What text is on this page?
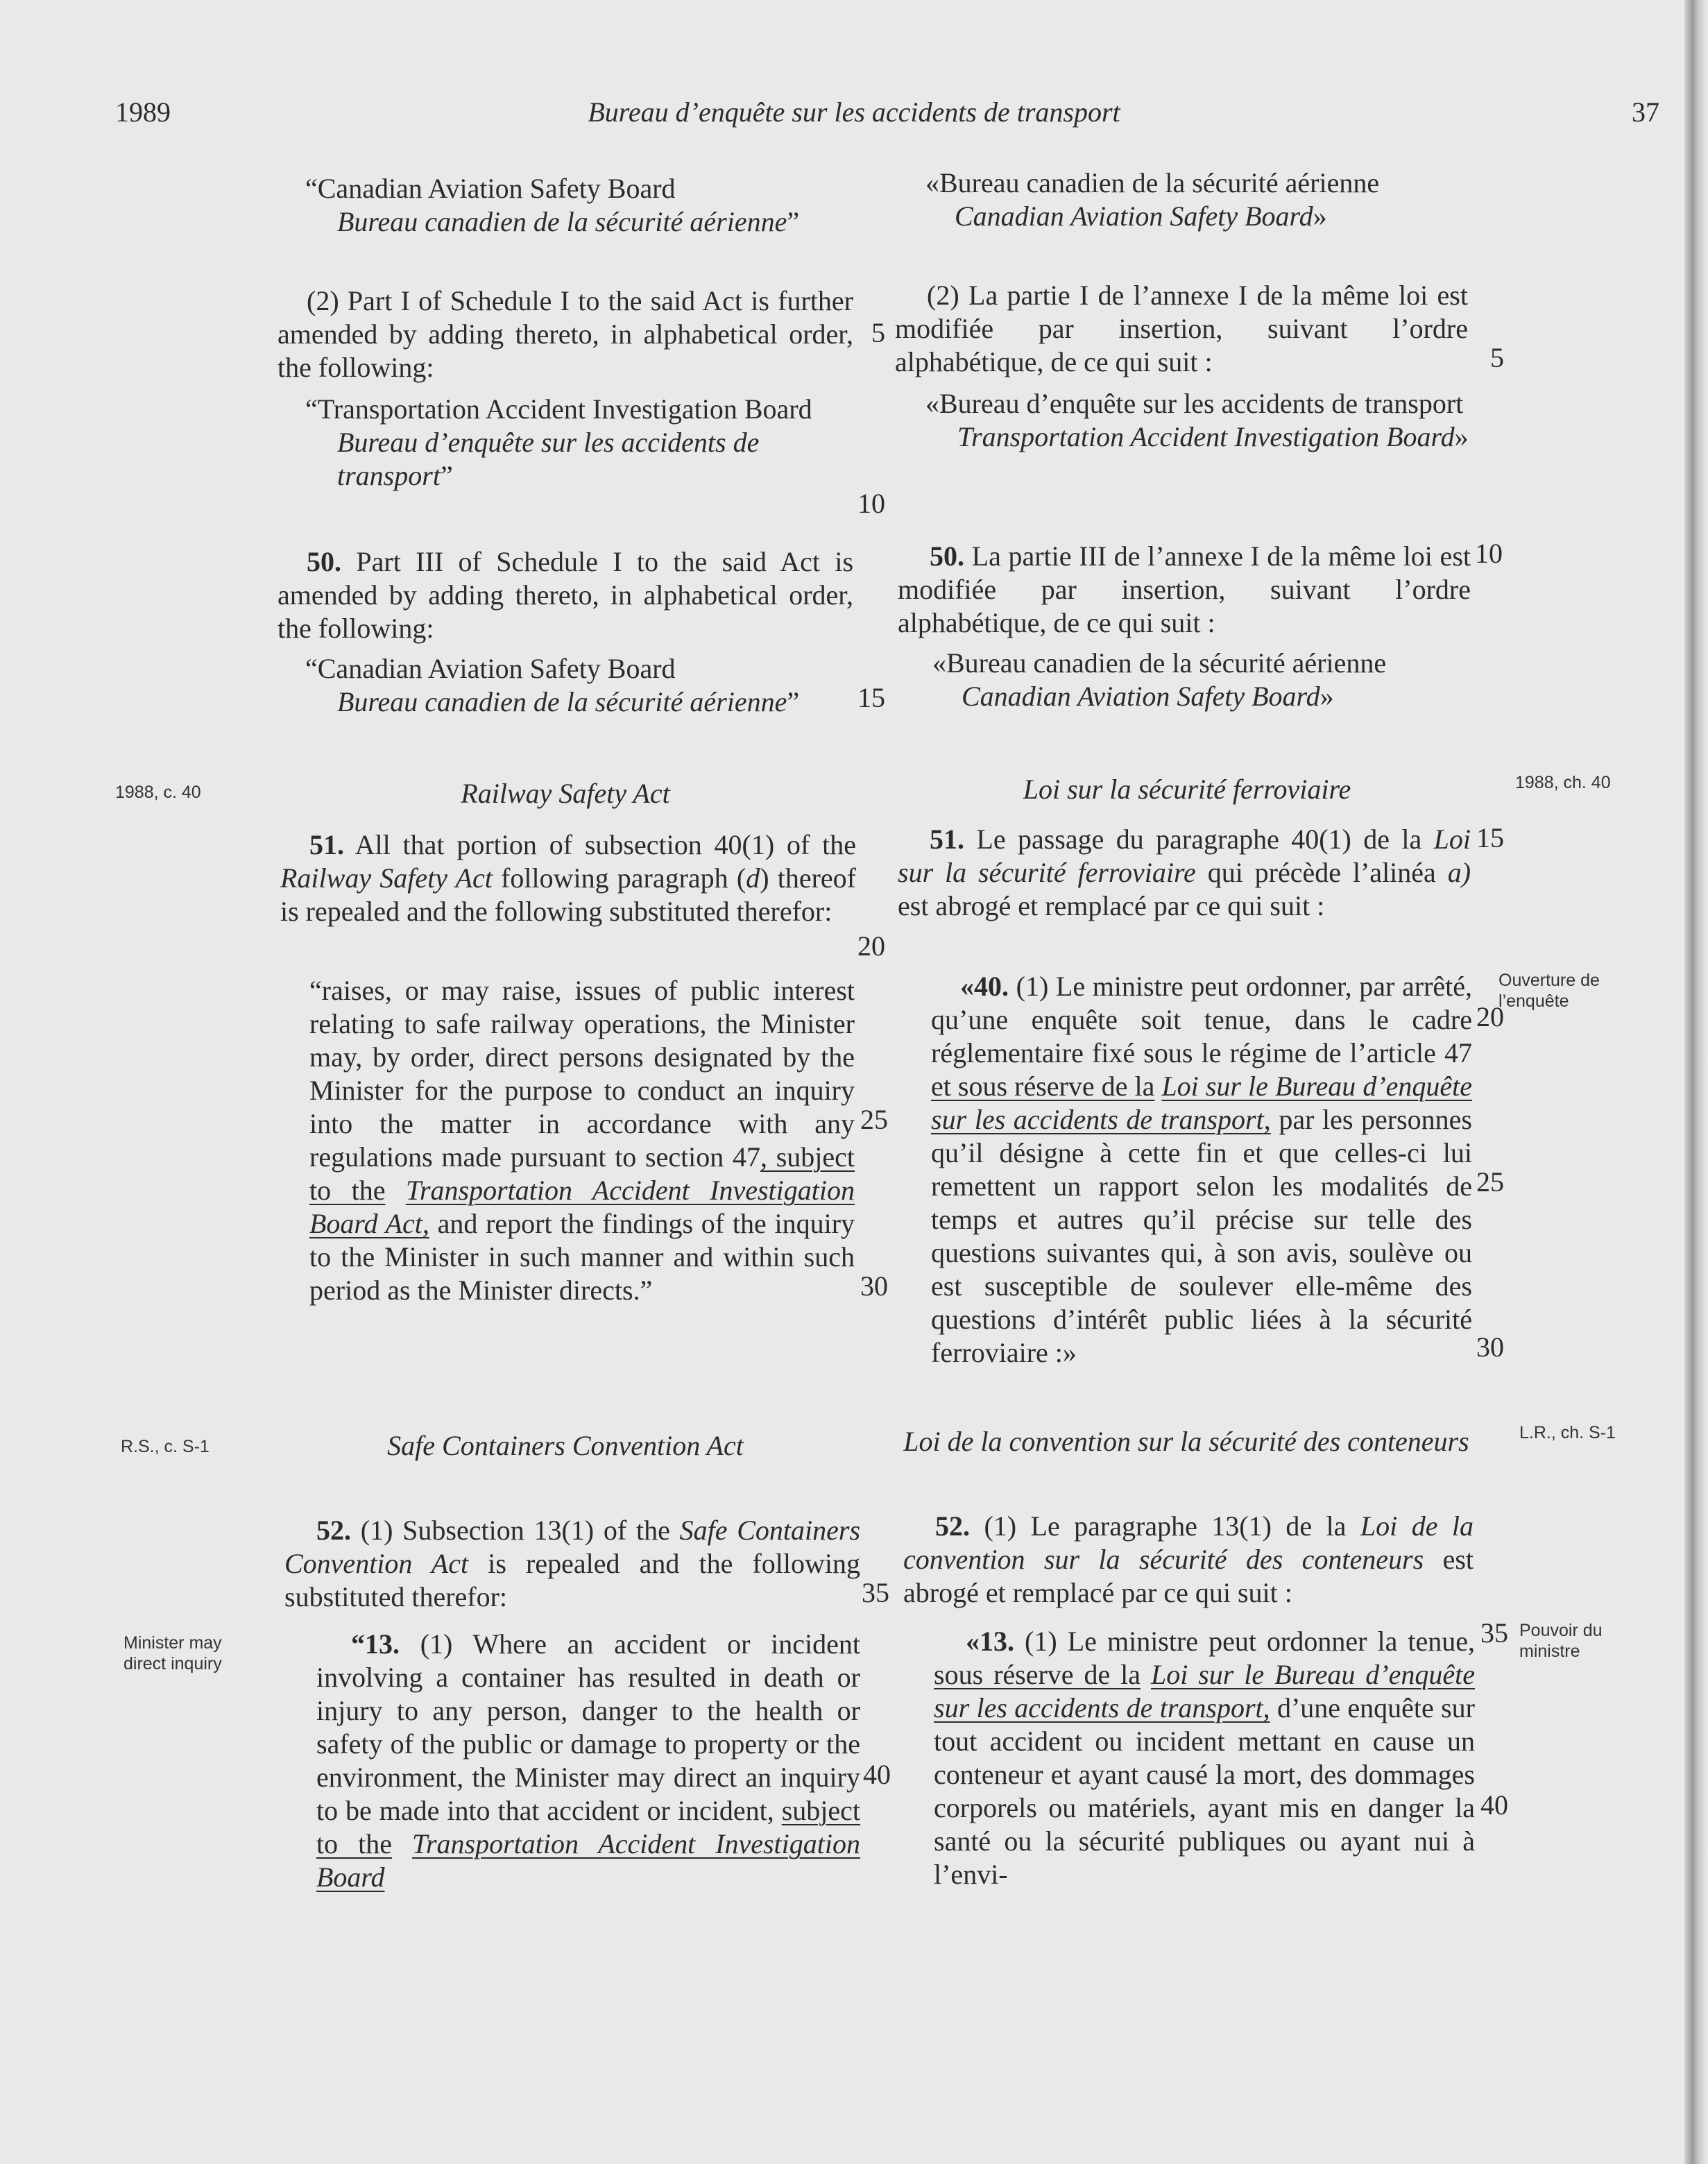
1989	Bureau d’enquête sur les accidents de transport	37
1988, c. 40
R.S., c. S-1
Minister may direct inquiry
1988, ch. 40
Ouverture de l’enquête
L.R., ch. S-1
Pouvoir du ministre
5
5
10
10
15
15
20
20
25
25
30
30
35
35
40
40
“Canadian Aviation Safety Board

Bureau canadien de la sécurité aérienne”

(2) Part I of Schedule I to the said Act is further amended by adding thereto, in alphabetical order, the following:

“Transportation Accident Investigation Board

Bureau d’enquête sur les accidents de transport”

50. Part III of Schedule I to the said Act is amended by adding thereto, in alphabetical order, the following:

“Canadian Aviation Safety Board

Bureau canadien de la sécurité aérienne”
Railway Safety Act

51. All that portion of subsection 40(1) of the Railway Safety Act following paragraph (d) thereof is repealed and the following substituted therefor:

“raises, or may raise, issues of public interest relating to safe railway operations, the Minister may, by order, direct persons designated by the Minister for the purpose to conduct an inquiry into the matter in accordance with any regulations made pursuant to section 47, subject to the Transportation Accident Investigation Board Act, and report the findings of the inquiry to the Minister in such manner and within such period as the Minister directs.”

Safe Containers Convention Act

52. (1) Subsection 13(1) of the Safe Containers Convention Act is repealed and the following substituted therefor:

“13. (1) Where an accident or incident involving a container has resulted in death or injury to any person, danger to the health or safety of the public or damage to property or the environment, the Minister may direct an inquiry to be made into that accident or incident, subject to the Transportation Accident Investigation Board

«Bureau canadien de la sécurité aérienne

Canadian Aviation Safety Board»

(2) La partie I de l’annexe I de la même loi est modifiée par insertion, suivant l’ordre alphabétique, de ce qui suit :

«Bureau d’enquête sur les accidents de transport

Transportation Accident Investigation Board»

50. La partie III de l’annexe I de la même loi est modifiée par insertion, suivant l’ordre alphabétique, de ce qui suit :

«Bureau canadien de la sécurité aérienne

Canadian Aviation Safety Board»
Loi sur la sécurité ferroviaire

51. Le passage du paragraphe 40(1) de la Loi sur la sécurité ferroviaire qui précède l’alinéa a) est abrogé et remplacé par ce qui suit :

«40. (1) Le ministre peut ordonner, par arrêté, qu’une enquête soit tenue, dans le cadre réglementaire fixé sous le régime de l’article 47 et sous réserve de la Loi sur le Bureau d’enquête sur les accidents de transport, par les personnes qu’il désigne à cette fin et que celles-ci lui remettent un rapport selon les modalités de temps et autres qu’il précise sur telle des questions suivantes qui, à son avis, soulève ou est susceptible de soulever elle-même des questions d’intérêt public liées à la sécurité ferroviaire :»

Loi de la convention sur la sécurité des conteneurs

52. (1) Le paragraphe 13(1) de la Loi de la convention sur la sécurité des conteneurs est abrogé et remplacé par ce qui suit :

«13. (1) Le ministre peut ordonner la tenue, sous réserve de la Loi sur le Bureau d’enquête sur les accidents de transport, d’une enquête sur tout accident ou incident mettant en cause un conteneur et ayant causé la mort, des dommages corporels ou matériels, ayant mis en danger la santé ou la sécurité publiques ou ayant nui à l’envi-
